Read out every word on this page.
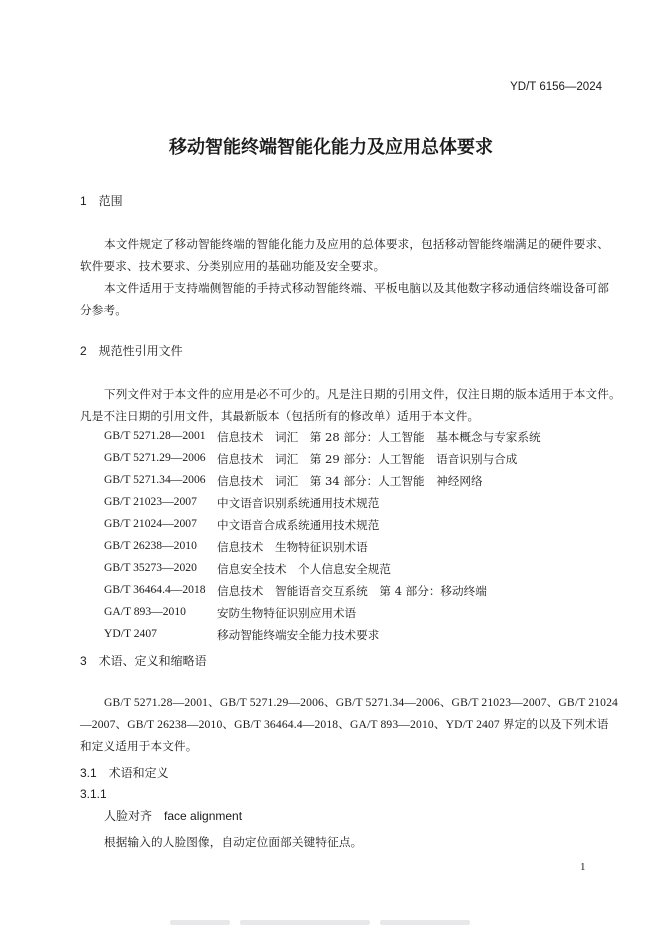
YD/T 6156—2024
移动智能终端智能化能力及应用总体要求
1　范围
本文件规定了移动智能终端的智能化能力及应用的总体要求，包括移动智能终端满足的硬件要求、
软件要求、技术要求、分类别应用的基础功能及安全要求。
本文件适用于支持端侧智能的手持式移动智能终端、平板电脑以及其他数字移动通信终端设备可部
分参考。
2　规范性引用文件
下列文件对于本文件的应用是必不可少的。凡是注日期的引用文件，仅注日期的版本适用于本文件。
凡是不注日期的引用文件，其最新版本（包括所有的修改单）适用于本文件。
GB/T 5271.28—2001 信息技术　词汇　第 28 部分：人工智能　基本概念与专家系统
GB/T 5271.29—2006 信息技术　词汇　第 29 部分：人工智能　语音识别与合成
GB/T 5271.34—2006 信息技术　词汇　第 34 部分：人工智能　神经网络
GB/T 21023—2007 中文语音识别系统通用技术规范
GB/T 21024—2007 中文语音合成系统通用技术规范
GB/T 26238—2010 信息技术　生物特征识别术语
GB/T 35273—2020 信息安全技术　个人信息安全规范
GB/T 36464.4—2018 信息技术　智能语音交互系统　第 4 部分：移动终端
GA/T 893—2010	安防生物特征识别应用术语
YD/T 2407	移动智能终端安全能力技术要求
3　术语、定义和缩略语
GB/T 5271.28—2001、GB/T 5271.29—2006、GB/T 5271.34—2006、GB/T 21023—2007、GB/T 21024
—2007、GB/T 26238—2010、GB/T 36464.4—2018、GA/T 893—2010、YD/T 2407 界定的以及下列术语
和定义适用于本文件。
3.1　术语和定义
3.1.1
人脸对齐　face alignment
根据输入的人脸图像，自动定位面部关键特征点。
1
